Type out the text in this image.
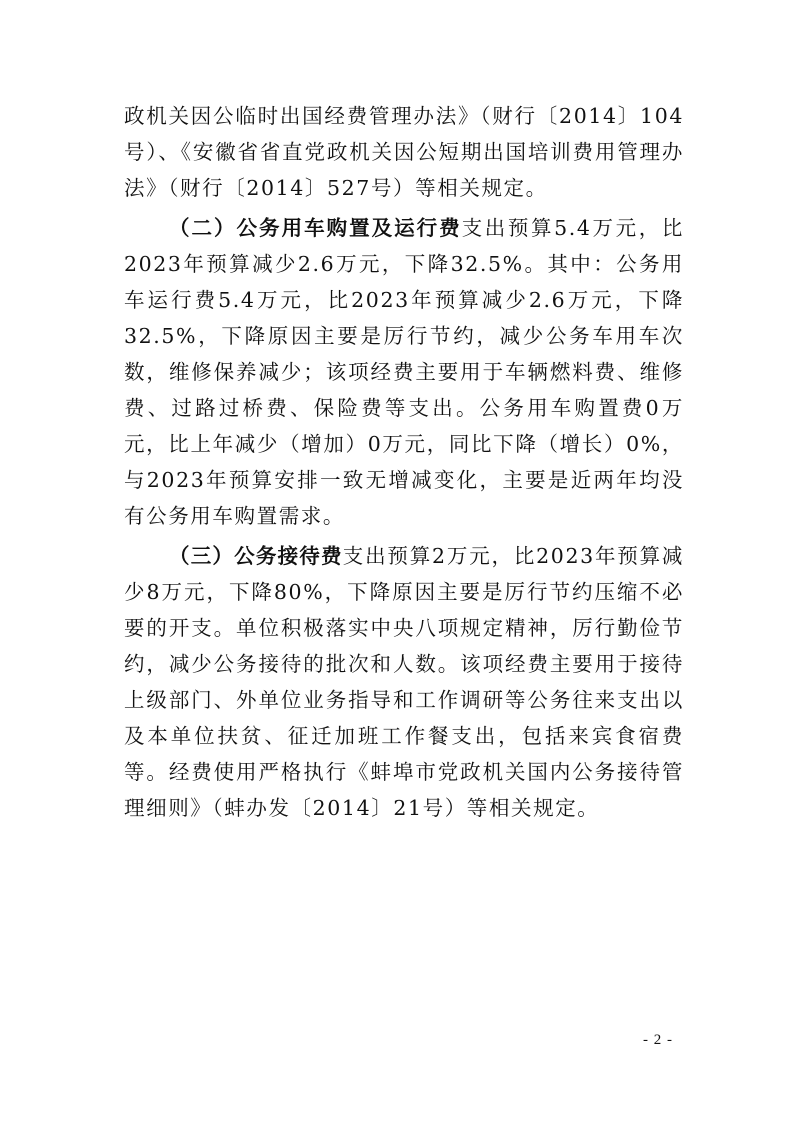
政机关因公临时出国经费管理办法》（财行〔2014〕104号）、《安徽省省直党政机关因公短期出国培训费用管理办法》（财行〔2014〕527号）等相关规定。

（二）公务用车购置及运行费支出预算5.4万元，比2023年预算减少2.6万元，下降32.5%。其中：公务用车运行费5.4万元，比2023年预算减少2.6万元，下降32.5%，下降原因主要是厉行节约，减少公务车用车次数，维修保养减少；该项经费主要用于车辆燃料费、维修费、过路过桥费、保险费等支出。公务用车购置费0万元，比上年减少（增加）0万元，同比下降（增长）0%，与2023年预算安排一致无增减变化，主要是近两年均没有公务用车购置需求。

（三）公务接待费支出预算2万元，比2023年预算减少8万元，下降80%，下降原因主要是厉行节约压缩不必要的开支。单位积极落实中央八项规定精神，厉行勤俭节约，减少公务接待的批次和人数。该项经费主要用于接待上级部门、外单位业务指导和工作调研等公务往来支出以及本单位扶贫、征迁加班工作餐支出，包括来宾食宿费等。经费使用严格执行《蚌埠市党政机关国内公务接待管理细则》（蚌办发〔2014〕21号）等相关规定。

- 2 -
